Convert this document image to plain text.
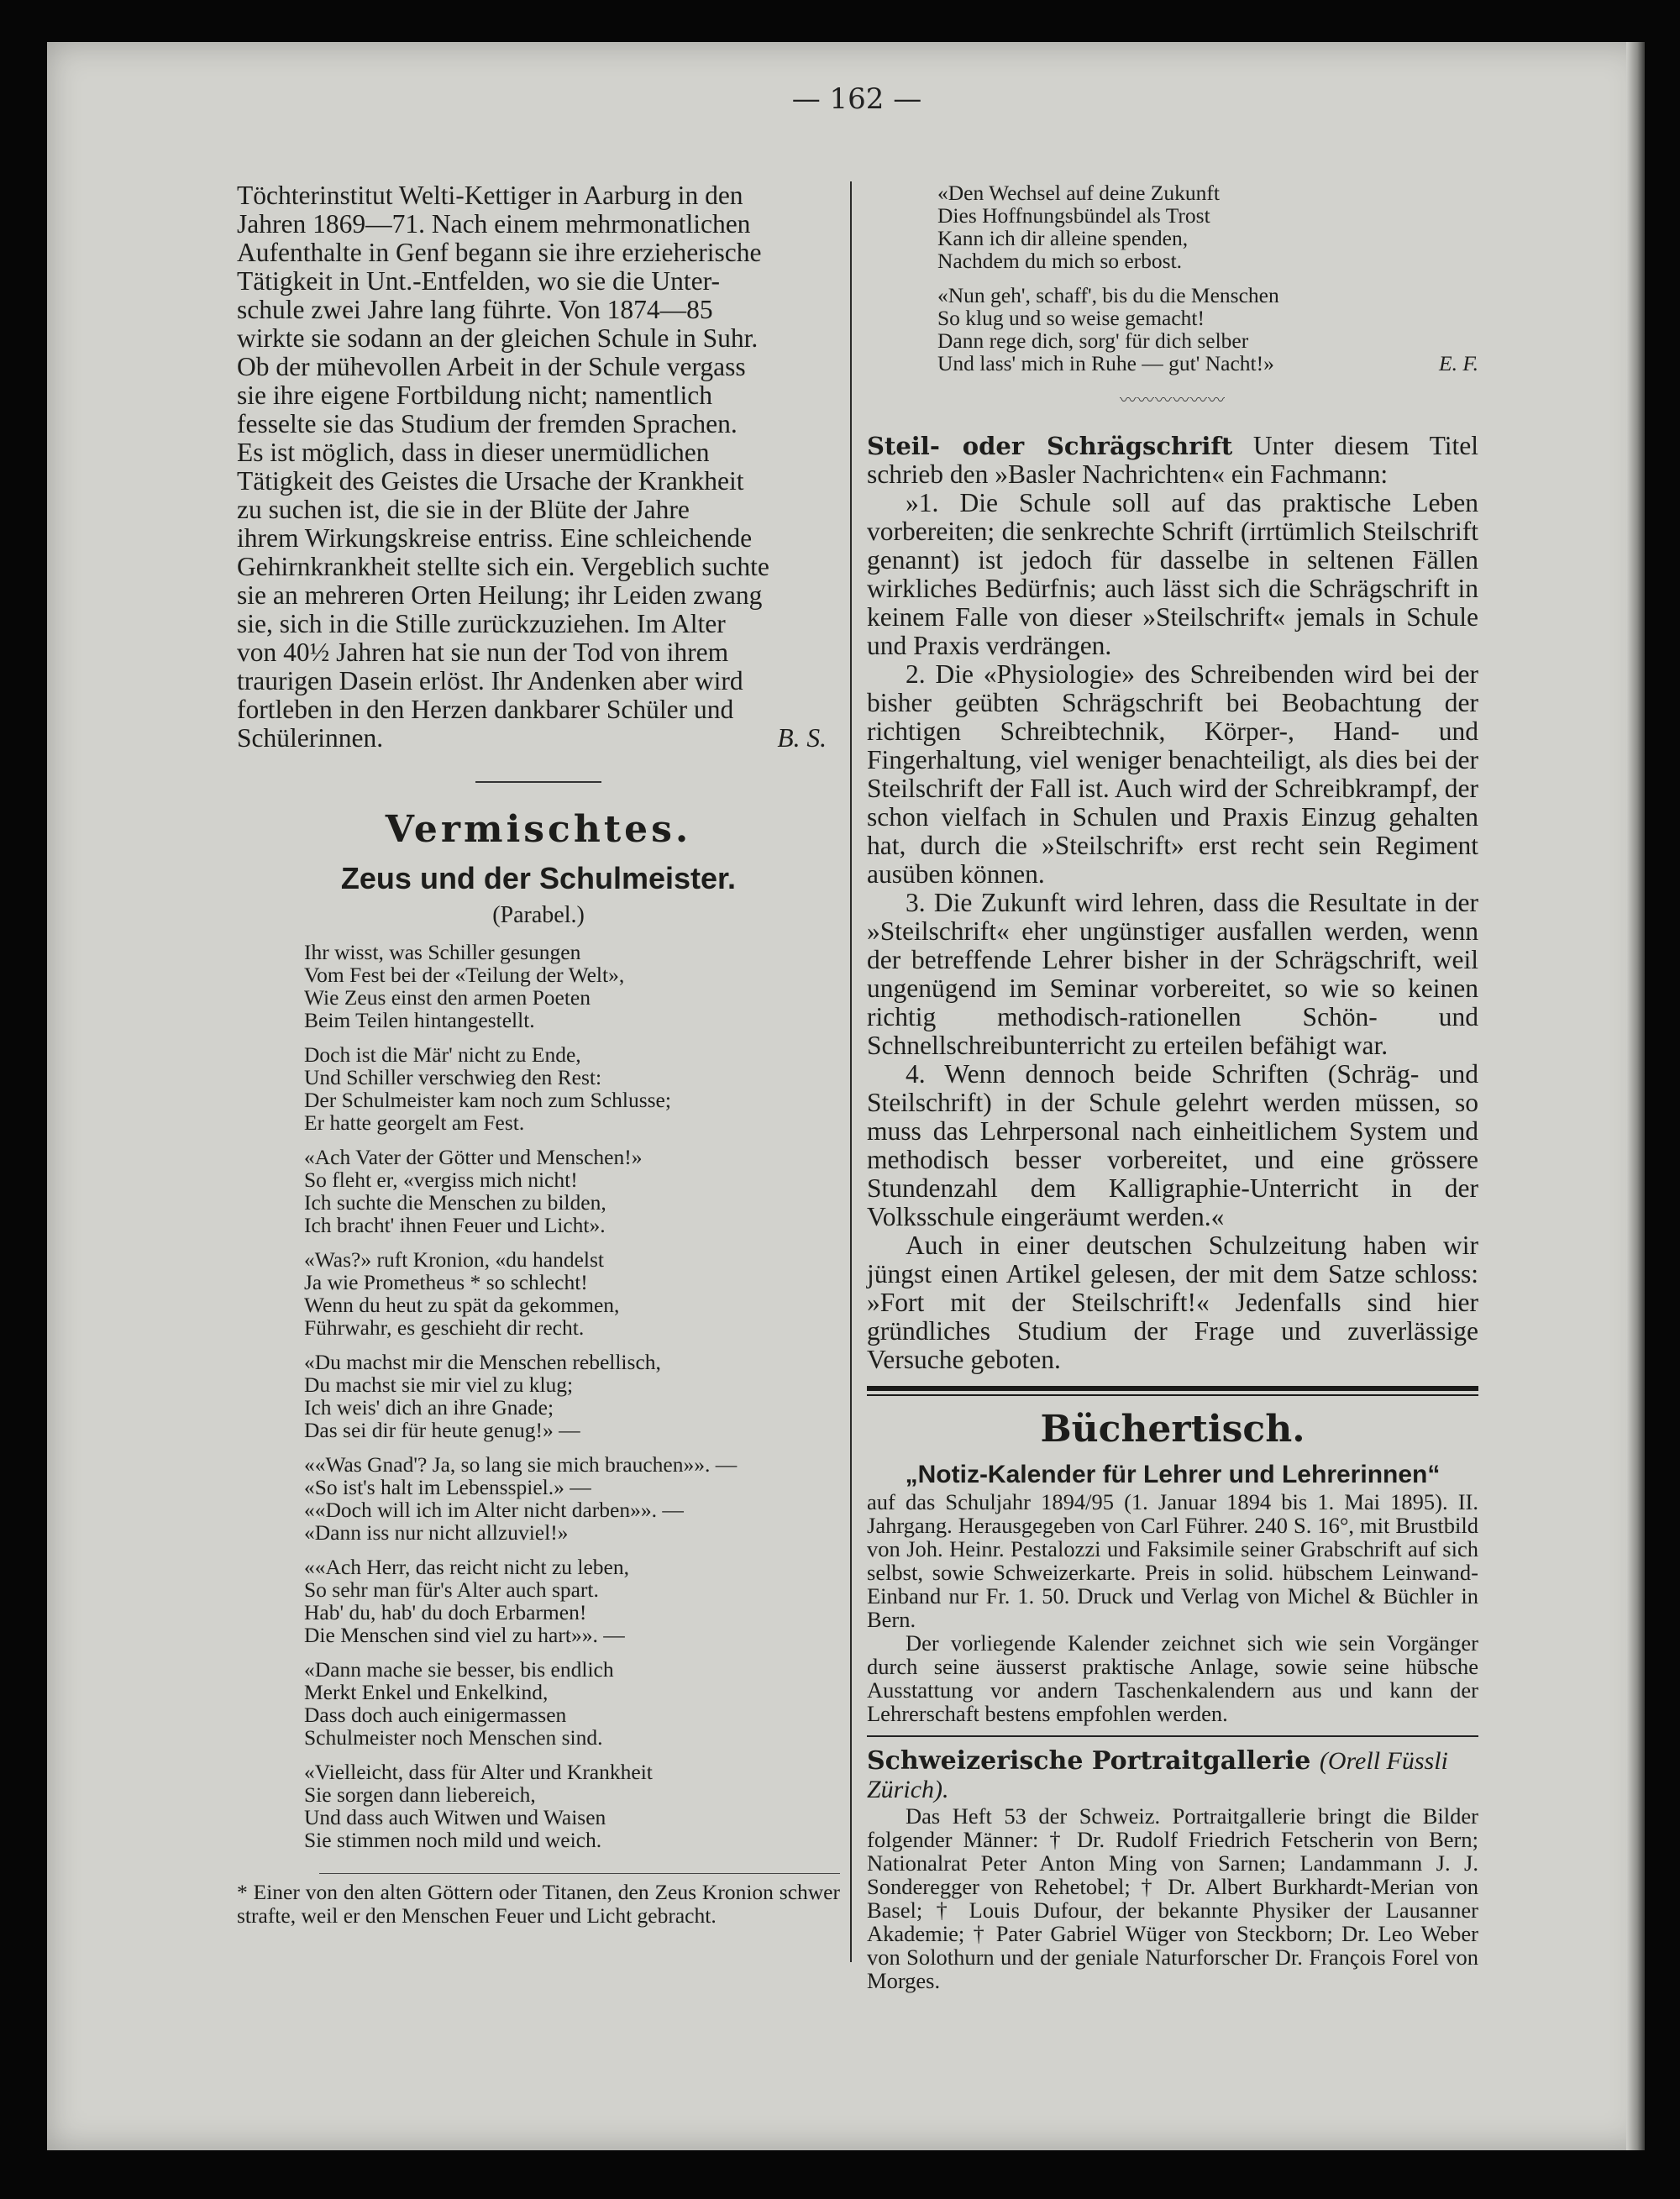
— 162 —
Töchterinstitut Welti-Kettiger in Aarburg in den
Jahren 1869—71. Nach einem mehrmonatlichen
Aufenthalte in Genf begann sie ihre erzieherische
Tätigkeit in Unt.-Entfelden, wo sie die Unter-
schule zwei Jahre lang führte. Von 1874—85
wirkte sie sodann an der gleichen Schule in Suhr.
Ob der mühevollen Arbeit in der Schule vergass
sie ihre eigene Fortbildung nicht; namentlich
fesselte sie das Studium der fremden Sprachen.
Es ist möglich, dass in dieser unermüdlichen
Tätigkeit des Geistes die Ursache der Krankheit
zu suchen ist, die sie in der Blüte der Jahre
ihrem Wirkungskreise entriss. Eine schleichende
Gehirnkrankheit stellte sich ein. Vergeblich suchte
sie an mehreren Orten Heilung; ihr Leiden zwang
sie, sich in die Stille zurückzuziehen. Im Alter
von 40½ Jahren hat sie nun der Tod von ihrem
traurigen Dasein erlöst. Ihr Andenken aber wird
fortleben in den Herzen dankbarer Schüler und
Schülerinnen.	B. S.
Vermischtes.
Zeus und der Schulmeister.
(Parabel.)
Ihr wisst, was Schiller gesungen
Vom Fest bei der «Teilung der Welt»,
Wie Zeus einst den armen Poeten
Beim Teilen hintangestellt.
Doch ist die Mär' nicht zu Ende,
Und Schiller verschwieg den Rest:
Der Schulmeister kam noch zum Schlusse;
Er hatte georgelt am Fest.
«Ach Vater der Götter und Menschen!»
So fleht er, «vergiss mich nicht!
Ich suchte die Menschen zu bilden,
Ich bracht' ihnen Feuer und Licht».
«Was?» ruft Kronion, «du handelst
Ja wie Prometheus * so schlecht!
Wenn du heut zu spät da gekommen,
Führwahr, es geschieht dir recht.
«Du machst mir die Menschen rebellisch,
Du machst sie mir viel zu klug;
Ich weis' dich an ihre Gnade;
Das sei dir für heute genug!» —
««Was Gnad'? Ja, so lang sie mich brauchen»». —
«So ist's halt im Lebensspiel.» —
««Doch will ich im Alter nicht darben»». —
«Dann iss nur nicht allzuviel!»
««Ach Herr, das reicht nicht zu leben,
So sehr man für's Alter auch spart.
Hab' du, hab' du doch Erbarmen!
Die Menschen sind viel zu hart»». —
«Dann mache sie besser, bis endlich
Merkt Enkel und Enkelkind,
Dass doch auch einigermassen
Schulmeister noch Menschen sind.
«Vielleicht, dass für Alter und Krankheit
Sie sorgen dann liebereich,
Und dass auch Witwen und Waisen
Sie stimmen noch mild und weich.

* Einer von den alten Göttern oder Titanen, den Zeus Kronion schwer strafte, weil er den Menschen Feuer und Licht gebracht.

«Den Wechsel auf deine Zukunft
Dies Hoffnungsbündel als Trost
Kann ich dir alleine spenden,
Nachdem du mich so erbost.
«Nun geh', schaff', bis du die Menschen
So klug und so weise gemacht!
Dann rege dich, sorg' für dich selber
Und lass' mich in Ruhe — gut' Nacht!»	E. F.
〰〰〰〰〰〰

Steil- oder Schrägschrift Unter diesem Titel schrieb den »Basler Nachrichten« ein Fachmann:

»1. Die Schule soll auf das praktische Leben vorbereiten; die senkrechte Schrift (irrtümlich Steilschrift genannt) ist jedoch für dasselbe in seltenen Fällen wirkliches Bedürfnis; auch lässt sich die Schrägschrift in keinem Falle von dieser »Steilschrift« jemals in Schule und Praxis verdrängen.

2. Die «Physiologie» des Schreibenden wird bei der bisher geübten Schrägschrift bei Beobachtung der richtigen Schreibtechnik, Körper-, Hand- und Fingerhaltung, viel weniger benachteiligt, als dies bei der Steilschrift der Fall ist. Auch wird der Schreibkrampf, der schon vielfach in Schulen und Praxis Einzug gehalten hat, durch die »Steilschrift» erst recht sein Regiment ausüben können.

3. Die Zukunft wird lehren, dass die Resultate in der »Steilschrift« eher ungünstiger ausfallen werden, wenn der betreffende Lehrer bisher in der Schrägschrift, weil ungenügend im Seminar vorbereitet, so wie so keinen richtig methodisch-rationellen Schön- und Schnellschreibunterricht zu erteilen befähigt war.

4. Wenn dennoch beide Schriften (Schräg- und Steilschrift) in der Schule gelehrt werden müssen, so muss das Lehrpersonal nach einheitlichem System und methodisch besser vorbereitet, und eine grössere Stundenzahl dem Kalligraphie-Unterricht in der Volksschule eingeräumt werden.«

Auch in einer deutschen Schulzeitung haben wir jüngst einen Artikel gelesen, der mit dem Satze schloss: »Fort mit der Steilschrift!« Jedenfalls sind hier gründliches Studium der Frage und zuverlässige Versuche geboten.

Büchertisch.

„Notiz-Kalender für Lehrer und Lehrerinnen“

auf das Schuljahr 1894/95 (1. Januar 1894 bis 1. Mai 1895). II. Jahrgang. Herausgegeben von Carl Führer. 240 S. 16°, mit Brustbild von Joh. Heinr. Pestalozzi und Faksimile seiner Grabschrift auf sich selbst, sowie Schweizerkarte. Preis in solid. hübschem Leinwand-Einband nur Fr. 1. 50. Druck und Verlag von Michel & Büchler in Bern.

Der vorliegende Kalender zeichnet sich wie sein Vorgänger durch seine äusserst praktische Anlage, sowie seine hübsche Ausstattung vor andern Taschenkalendern aus und kann der Lehrerschaft bestens empfohlen werden.

Schweizerische Portraitgallerie (Orell Füssli Zürich).

Das Heft 53 der Schweiz. Portraitgallerie bringt die Bilder folgender Männer: † Dr. Rudolf Friedrich Fetscherin von Bern; Nationalrat Peter Anton Ming von Sarnen; Landammann J. J. Sonderegger von Rehetobel; † Dr. Albert Burkhardt-Merian von Basel; † Louis Dufour, der bekannte Physiker der Lausanner Akademie; † Pater Gabriel Wüger von Steckborn; Dr. Leo Weber von Solothurn und der geniale Naturforscher Dr. François Forel von Morges.
